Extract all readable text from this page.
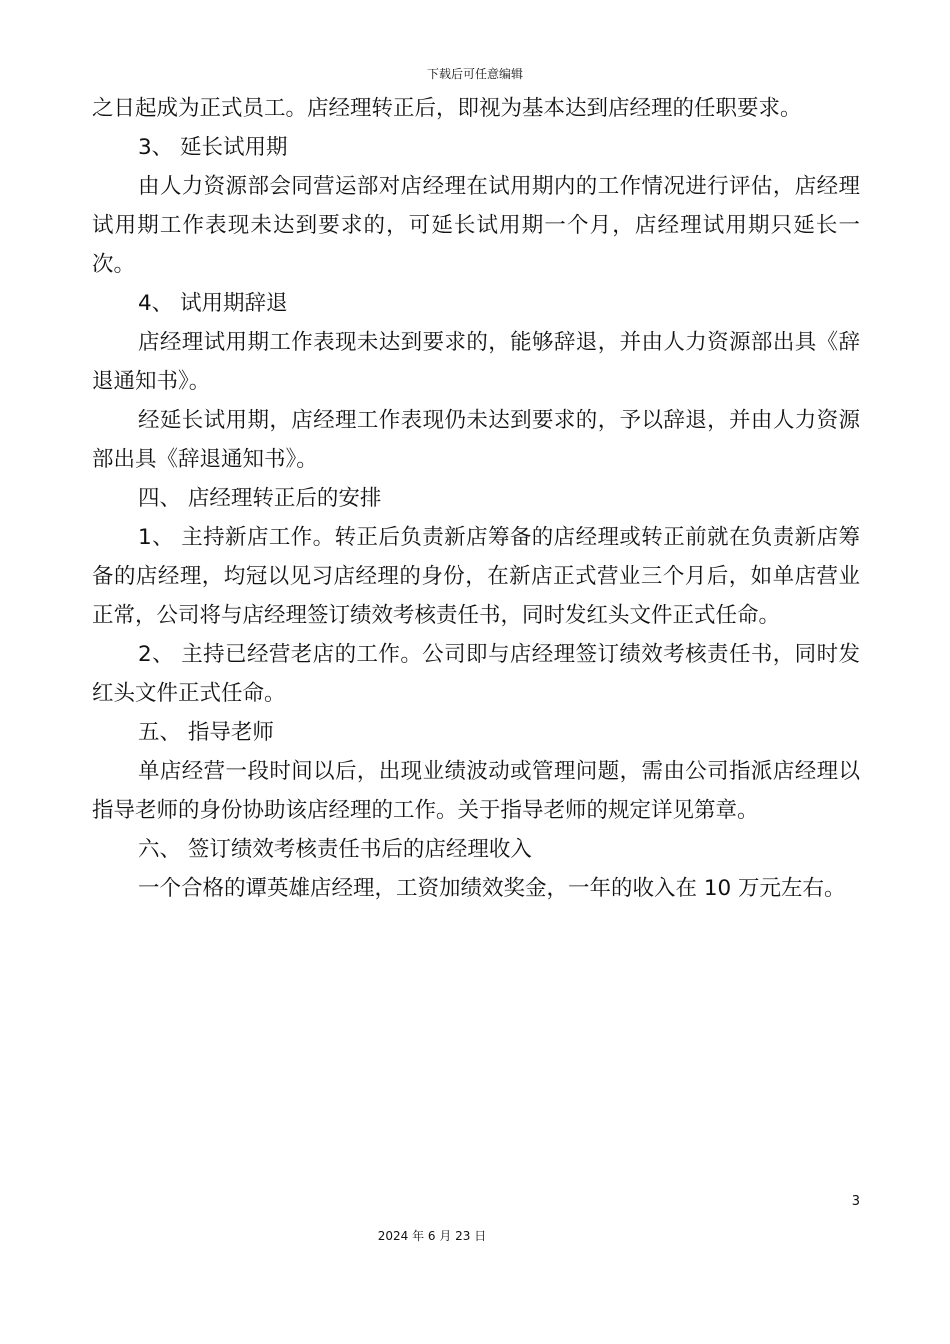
下载后可任意编辑

之日起成为正式员工。店经理转正后，即视为基本达到店经理的任职要求。

3、 延长试用期

由人力资源部会同营运部对店经理在试用期内的工作情况进行评估，店经理试用期工作表现未达到要求的，可延长试用期一个月，店经理试用期只延长一次。

4、 试用期辞退

店经理试用期工作表现未达到要求的，能够辞退，并由人力资源部出具《辞退通知书》。

经延长试用期，店经理工作表现仍未达到要求的，予以辞退，并由人力资源部出具《辞退通知书》。

四、 店经理转正后的安排

1、 主持新店工作。转正后负责新店筹备的店经理或转正前就在负责新店筹备的店经理，均冠以见习店经理的身份，在新店正式营业三个月后，如单店营业正常，公司将与店经理签订绩效考核责任书，同时发红头文件正式任命。

2、 主持已经营老店的工作。公司即与店经理签订绩效考核责任书，同时发红头文件正式任命。

五、 指导老师

单店经营一段时间以后，出现业绩波动或管理问题，需由公司指派店经理以指导老师的身份协助该店经理的工作。关于指导老师的规定详见第章。

六、 签订绩效考核责任书后的店经理收入

一个合格的谭英雄店经理，工资加绩效奖金，一年的收入在 10 万元左右。

3
2024 年 6 月 23 日
